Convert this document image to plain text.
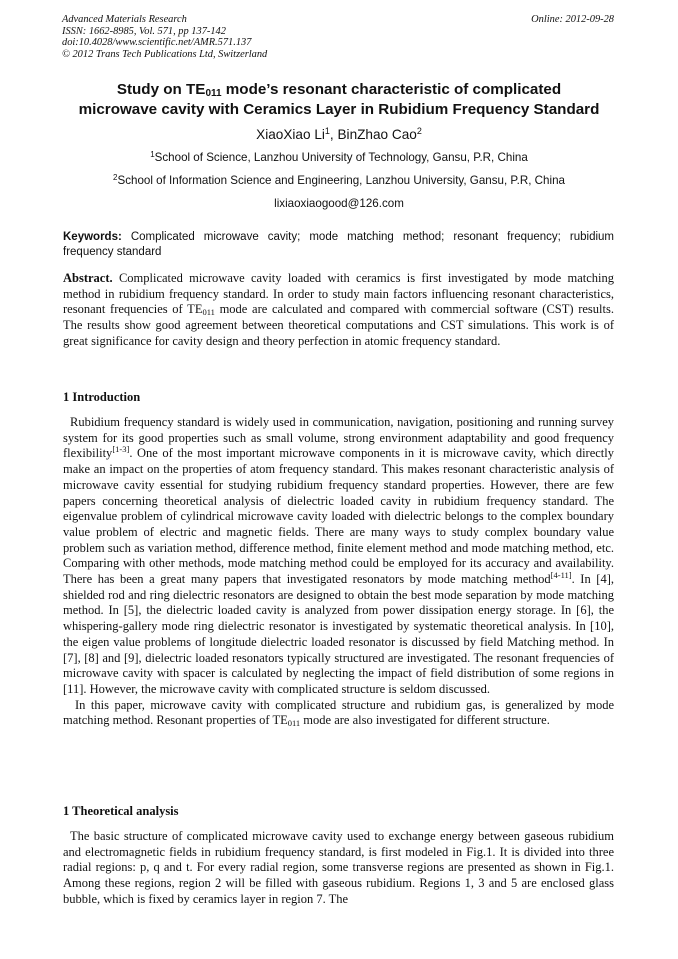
Advanced Materials Research
ISSN: 1662-8985, Vol. 571, pp 137-142
doi:10.4028/www.scientific.net/AMR.571.137
© 2012 Trans Tech Publications Ltd, Switzerland
Online: 2012-09-28
Study on $TE_{011}$ mode’s resonant characteristic of complicated
microwave cavity with Ceramics Layer in Rubidium Frequency Standard
XiaoXiao Li$^1$, BinZhao Cao$^2$
$^1$School of Science, Lanzhou University of Technology, Gansu, P.R, China
$^2$School of Information Science and Engineering, Lanzhou University, Gansu, P.R, China
lixiaoxiaogood@126.com
Keywords: Complicated microwave cavity; mode matching method; resonant frequency; rubidium frequency standard
Abstract. Complicated microwave cavity loaded with ceramics is first investigated by mode matching method in rubidium frequency standard. In order to study main factors influencing resonant characteristics, resonant frequencies of $TE_{011}$ mode are calculated and compared with commercial software (CST) results. The results show good agreement between theoretical computations and CST simulations. This work is of great significance for cavity design and theory perfection in atomic frequency standard.
1 Introduction

Rubidium frequency standard is widely used in communication, navigation, positioning and running survey system for its good properties such as small volume, strong environment adaptability and good frequency flexibility[1-3]. One of the most important microwave components in it is microwave cavity, which directly make an impact on the properties of atom frequency standard. This makes resonant characteristic analysis of microwave cavity essential for studying rubidium frequency standard properties. However, there are few papers concerning theoretical analysis of dielectric loaded cavity in rubidium frequency standard. The eigenvalue problem of cylindrical microwave cavity loaded with dielectric belongs to the complex boundary value problem of electric and magnetic fields. There are many ways to study complex boundary value problem such as variation method, difference method, finite element method and mode matching method, etc. Comparing with other methods, mode matching method could be employed for its accuracy and availability. There has been a great many papers that investigated resonators by mode matching method[4-11]. In [4], shielded rod and ring dielectric resonators are designed to obtain the best mode separation by mode matching method. In [5], the dielectric loaded cavity is analyzed from power dissipation energy storage. In [6], the whispering-gallery mode ring dielectric resonator is investigated by systematic theoretical analysis. In [10], the eigen value problems of longitude dielectric loaded resonator is discussed by field Matching method. In [7], [8] and [9], dielectric loaded resonators typically structured are investigated. The resonant frequencies of microwave cavity with spacer is calculated by neglecting the impact of field distribution of some regions in [11]. However, the microwave cavity with complicated structure is seldom discussed.

In this paper, microwave cavity with complicated structure and rubidium gas, is generalized by mode matching method. Resonant properties of $TE_{011}$ mode are also investigated for different structure.

1 Theoretical analysis

The basic structure of complicated microwave cavity used to exchange energy between gaseous rubidium and electromagnetic fields in rubidium frequency standard, is first modeled in Fig.1. It is divided into three radial regions: p, q and t. For every radial region, some transverse regions are presented as shown in Fig.1. Among these regions, region 2 will be filled with gaseous rubidium. Regions 1, 3 and 5 are enclosed glass bubble, which is fixed by ceramics layer in region 7. The
